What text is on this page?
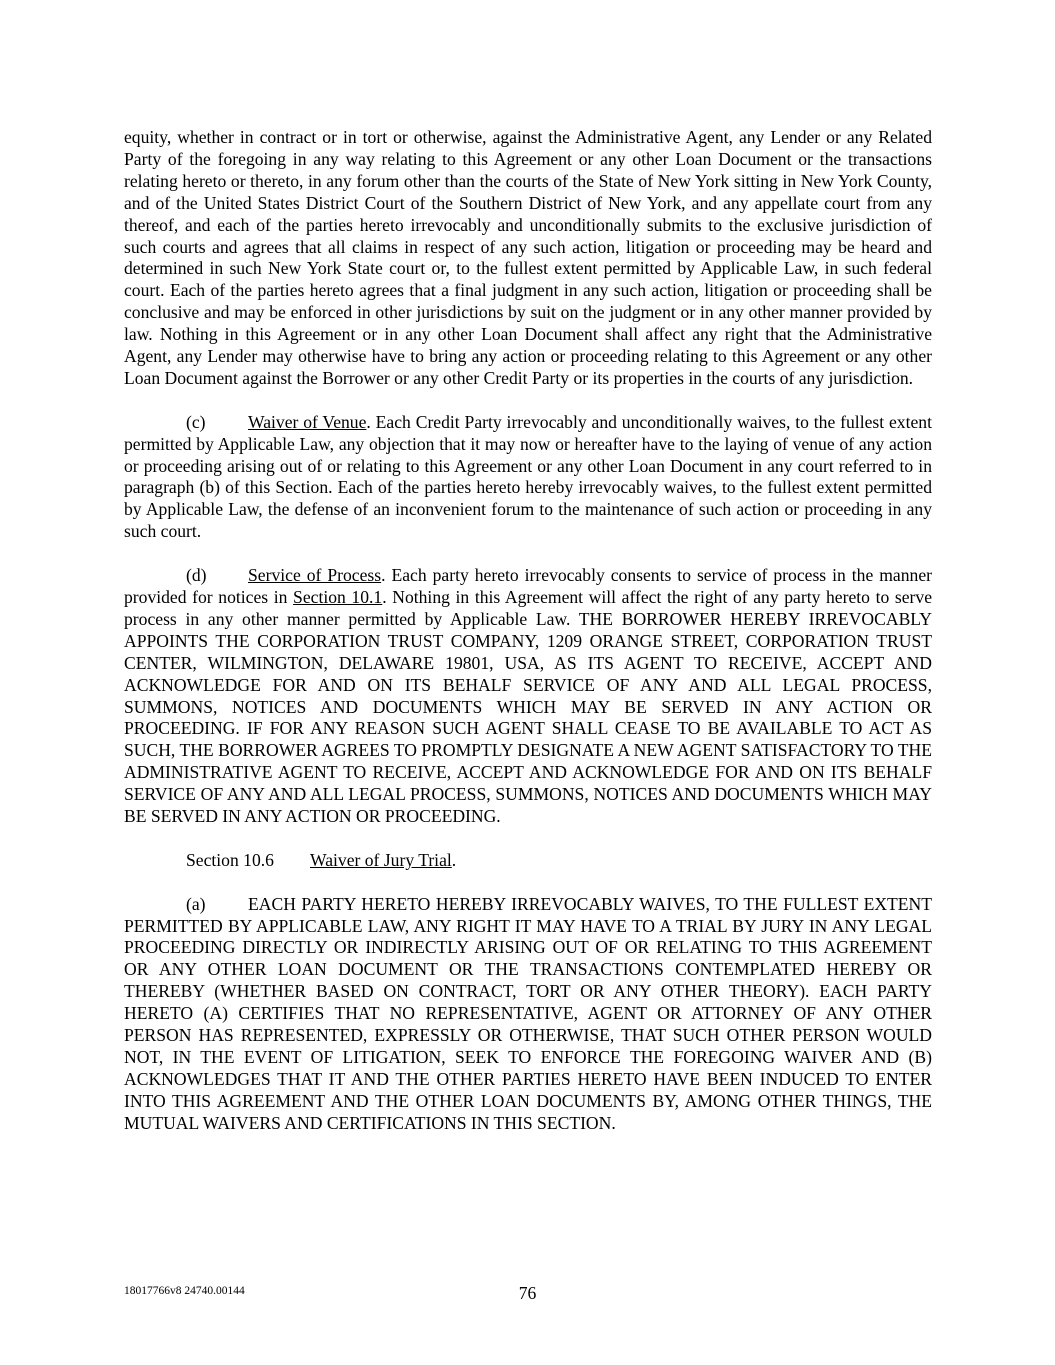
equity, whether in contract or in tort or otherwise, against the Administrative Agent, any Lender or any Related Party of the foregoing in any way relating to this Agreement or any other Loan Document or the transactions relating hereto or thereto, in any forum other than the courts of the State of New York sitting in New York County, and of the United States District Court of the Southern District of New York, and any appellate court from any thereof, and each of the parties hereto irrevocably and unconditionally submits to the exclusive jurisdiction of such courts and agrees that all claims in respect of any such action, litigation or proceeding may be heard and determined in such New York State court or, to the fullest extent permitted by Applicable Law, in such federal court. Each of the parties hereto agrees that a final judgment in any such action, litigation or proceeding shall be conclusive and may be enforced in other jurisdictions by suit on the judgment or in any other manner provided by law. Nothing in this Agreement or in any other Loan Document shall affect any right that the Administrative Agent, any Lender may otherwise have to bring any action or proceeding relating to this Agreement or any other Loan Document against the Borrower or any other Credit Party or its properties in the courts of any jurisdiction.

(c) Waiver of Venue. Each Credit Party irrevocably and unconditionally waives, to the fullest extent permitted by Applicable Law, any objection that it may now or hereafter have to the laying of venue of any action or proceeding arising out of or relating to this Agreement or any other Loan Document in any court referred to in paragraph (b) of this Section. Each of the parties hereto hereby irrevocably waives, to the fullest extent permitted by Applicable Law, the defense of an inconvenient forum to the maintenance of such action or proceeding in any such court.

(d) Service of Process. Each party hereto irrevocably consents to service of process in the manner provided for notices in Section 10.1. Nothing in this Agreement will affect the right of any party hereto to serve process in any other manner permitted by Applicable Law. THE BORROWER HEREBY IRREVOCABLY APPOINTS THE CORPORATION TRUST COMPANY, 1209 ORANGE STREET, CORPORATION TRUST CENTER, WILMINGTON, DELAWARE 19801, USA, AS ITS AGENT TO RECEIVE, ACCEPT AND ACKNOWLEDGE FOR AND ON ITS BEHALF SERVICE OF ANY AND ALL LEGAL PROCESS, SUMMONS, NOTICES AND DOCUMENTS WHICH MAY BE SERVED IN ANY ACTION OR PROCEEDING. IF FOR ANY REASON SUCH AGENT SHALL CEASE TO BE AVAILABLE TO ACT AS SUCH, THE BORROWER AGREES TO PROMPTLY DESIGNATE A NEW AGENT SATISFACTORY TO THE ADMINISTRATIVE AGENT TO RECEIVE, ACCEPT AND ACKNOWLEDGE FOR AND ON ITS BEHALF SERVICE OF ANY AND ALL LEGAL PROCESS, SUMMONS, NOTICES AND DOCUMENTS WHICH MAY BE SERVED IN ANY ACTION OR PROCEEDING.

Section 10.6 Waiver of Jury Trial.

(a) EACH PARTY HERETO HEREBY IRREVOCABLY WAIVES, TO THE FULLEST EXTENT PERMITTED BY APPLICABLE LAW, ANY RIGHT IT MAY HAVE TO A TRIAL BY JURY IN ANY LEGAL PROCEEDING DIRECTLY OR INDIRECTLY ARISING OUT OF OR RELATING TO THIS AGREEMENT OR ANY OTHER LOAN DOCUMENT OR THE TRANSACTIONS CONTEMPLATED HEREBY OR THEREBY (WHETHER BASED ON CONTRACT, TORT OR ANY OTHER THEORY). EACH PARTY HERETO (A) CERTIFIES THAT NO REPRESENTATIVE, AGENT OR ATTORNEY OF ANY OTHER PERSON HAS REPRESENTED, EXPRESSLY OR OTHERWISE, THAT SUCH OTHER PERSON WOULD NOT, IN THE EVENT OF LITIGATION, SEEK TO ENFORCE THE FOREGOING WAIVER AND (B) ACKNOWLEDGES THAT IT AND THE OTHER PARTIES HERETO HAVE BEEN INDUCED TO ENTER INTO THIS AGREEMENT AND THE OTHER LOAN DOCUMENTS BY, AMONG OTHER THINGS, THE MUTUAL WAIVERS AND CERTIFICATIONS IN THIS SECTION.

18017766v8 24740.00144	76
